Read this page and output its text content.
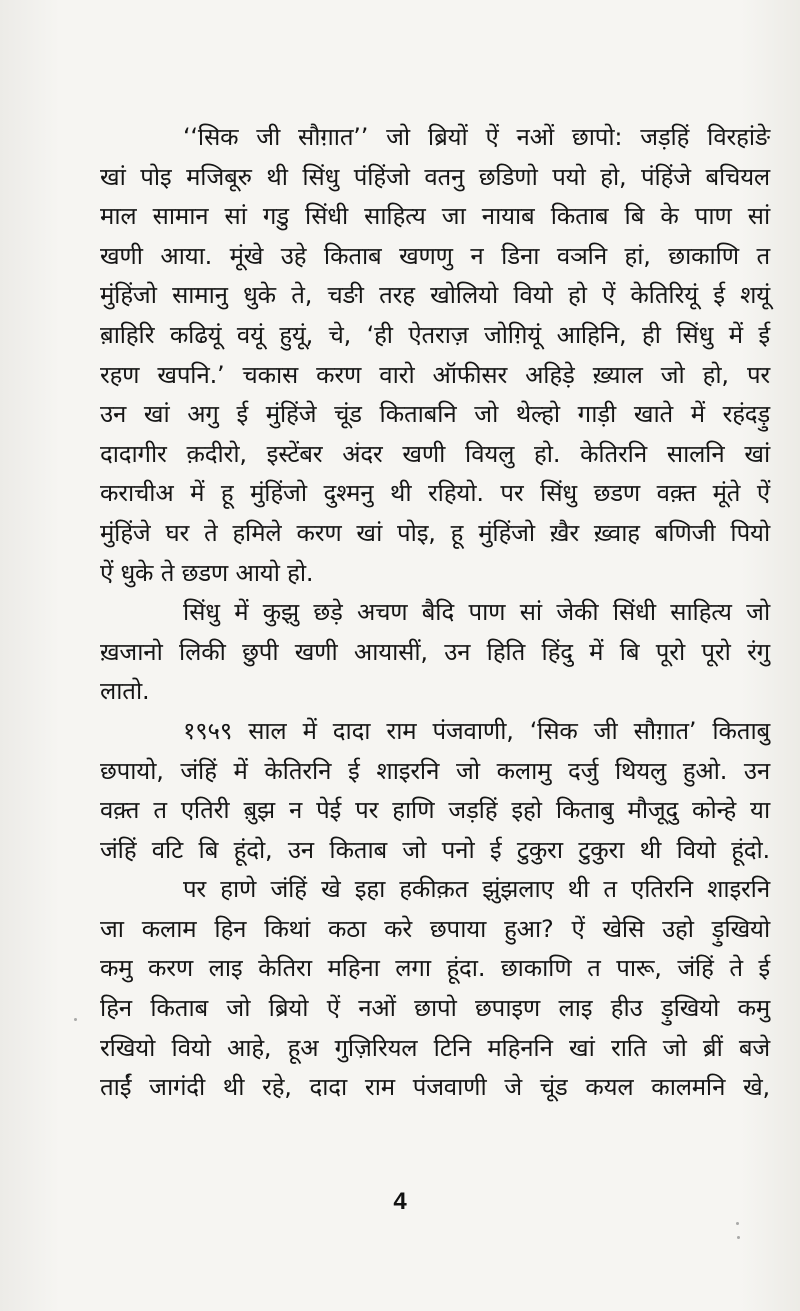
‘‘सिक जी सौग़ात’’ जो ब्रियों ऐं नओं छापो: जड़हिं विरहांङे
खां पोइ मजिबूरु थी सिंधु पंहिंजो वतनु छडिणो पयो हो, पंहिंजे बचियल
माल सामान सां गडु सिंधी साहित्य जा नायाब किताब बि के पाण सां
खणी आया. मूंखे उहे किताब खणणु न डिना वञनि हां, छाकाणि त
मुंहिंजो सामानु धुके ते, चङी तरह खोलियो वियो हो ऐं केतिरियूं ई शयूं
ब़ाहिरि कढियूं वयूं हुयूं, चे, ‘ही ऐतराज़ जोग़ियूं आहिनि, ही सिंधु में ई
रहण खपनि.’ चकास करण वारो ऑफीसर अहिड़े ख़्याल जो हो, पर
उन खां अगु ई मुंहिंजे चूंड किताबनि जो थेल्हो गाड़ी खाते में रहंदड़ु
दादागीर क़दीरो, इस्टेंबर अंदर खणी वियलु हो. केतिरनि सालनि खां
कराचीअ में हू मुंहिंजो दुश्मनु थी रहियो. पर सिंधु छडण वक़्त मूंते ऐं
मुंहिंजे घर ते हमिले करण खां पोइ, हू मुंहिंजो ख़ैर ख़्वाह बणिजी पियो
ऐं धुके ते छडण आयो हो.
सिंधु में कुझु छड़े अचण बैदि पाण सां जेकी सिंधी साहित्य जो
ख़जानो लिकी छुपी खणी आयासीं, उन हिति हिंदु में बि पूरो पूरो रंगु
लातो.
१९५९ साल में दादा राम पंजवाणी, ‘सिक जी सौग़ात’ किताबु
छपायो, जंहिं में केतिरनि ई शाइरनि जो कलामु दर्जु थियलु हुओ. उन
वक़्त त एतिरी ब़ुझ न पेई पर हाणि जड़हिं इहो किताबु मौजूदु कोन्हे या
जंहिं वटि बि हूंदो, उन किताब जो पनो ई टुकुरा टुकुरा थी वियो हूंदो.
पर हाणे जंहिं खे इहा हकीक़त झुंझलाए थी त एतिरनि शाइरनि
जा कलाम हिन किथां कठा करे छपाया हुआ? ऐं खेसि उहो ड़ुखियो
कमु करण लाइ केतिरा महिना लगा हूंदा. छाकाणि त पारू, जंहिं ते ई
हिन किताब जो ब्रियो ऐं नओं छापो छपाइण लाइ हीउ ड़ुखियो कमु
रखियो वियो आहे, हूअ गुज़िरियल टिनि महिननि खां राति जो ब्रीं बजे
ताईं जागंदी थी रहे, दादा राम पंजवाणी जे चूंड कयल कालमनि खे,
4
